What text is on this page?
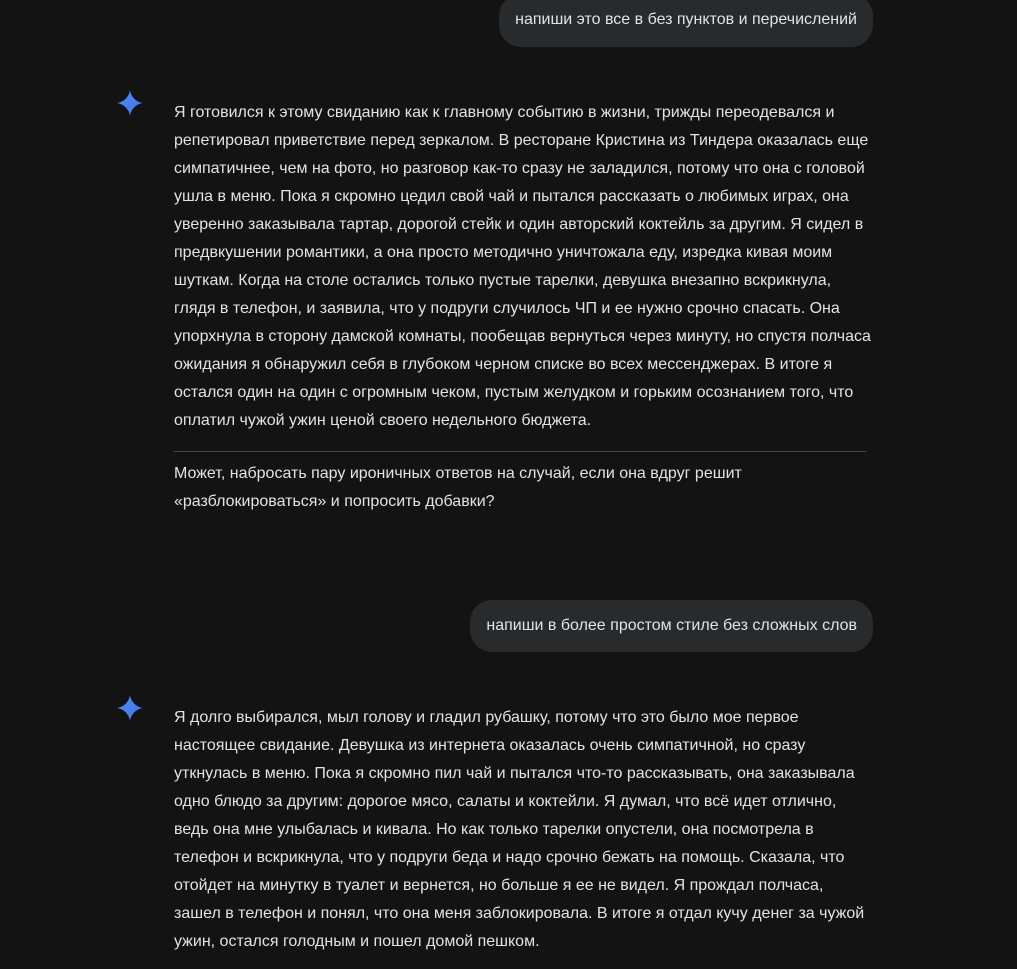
напиши это все в без пунктов и перечислений

Я готовился к этому свиданию как к главному событию в жизни, трижды переодевался и репетировал приветствие перед зеркалом. В ресторане Кристина из Тиндера оказалась еще симпатичнее, чем на фото, но разговор как-то сразу не заладился, потому что она с головой ушла в меню. Пока я скромно цедил свой чай и пытался рассказать о любимых играх, она уверенно заказывала тартар, дорогой стейк и один авторский коктейль за другим. Я сидел в предвкушении романтики, а она просто методично уничтожала еду, изредка кивая моим шуткам. Когда на столе остались только пустые тарелки, девушка внезапно вскрикнула, глядя в телефон, и заявила, что у подруги случилось ЧП и ее нужно срочно спасать. Она упорхнула в сторону дамской комнаты, пообещав вернуться через минуту, но спустя полчаса ожидания я обнаружил себя в глубоком черном списке во всех мессенджерах. В итоге я остался один на один с огромным чеком, пустым желудком и горьким осознанием того, что оплатил чужой ужин ценой своего недельного бюджета.

Может, набросать пару ироничных ответов на случай, если она вдруг решит «разблокироваться» и попросить добавки?

напиши в более простом стиле без сложных слов

Я долго выбирался, мыл голову и гладил рубашку, потому что это было мое первое настоящее свидание. Девушка из интернета оказалась очень симпатичной, но сразу уткнулась в меню. Пока я скромно пил чай и пытался что-то рассказывать, она заказывала одно блюдо за другим: дорогое мясо, салаты и коктейли. Я думал, что всё идет отлично, ведь она мне улыбалась и кивала. Но как только тарелки опустели, она посмотрела в телефон и вскрикнула, что у подруги беда и надо срочно бежать на помощь. Сказала, что отойдет на минутку в туалет и вернется, но больше я ее не видел. Я прождал полчаса, зашел в телефон и понял, что она меня заблокировала. В итоге я отдал кучу денег за чужой ужин, остался голодным и пошел домой пешком.
